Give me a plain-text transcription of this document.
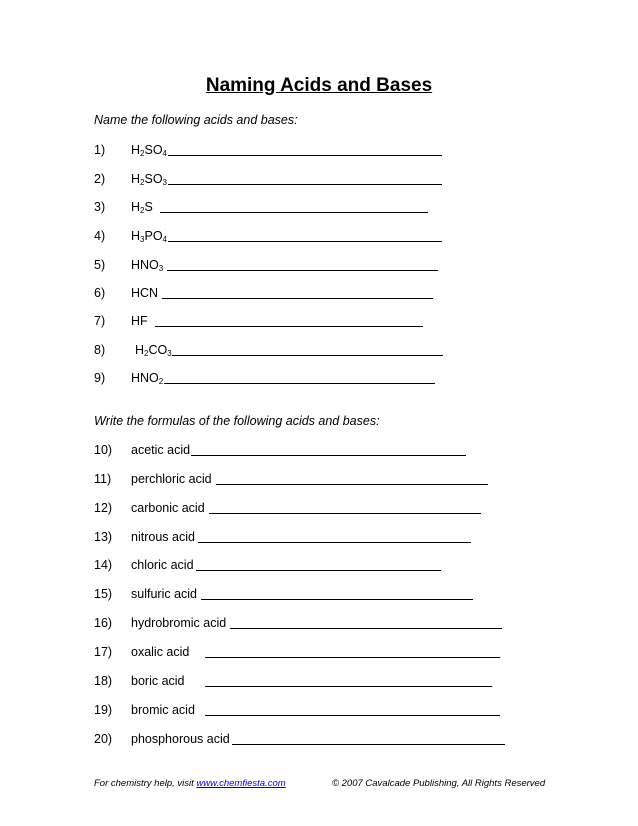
Naming Acids and Bases
Name the following acids and bases:
1) $H_2SO_4$
2) $H_2SO_3$
3) $H_2S$
4) $H_3PO_4$
5) $HNO_3$
6) HCN
7) HF
8) $H_2CO_3$
9) $HNO_2$
Write the formulas of the following acids and bases:
10) acetic acid
11) perchloric acid
12) carbonic acid
13) nitrous acid
14) chloric acid
15) sulfuric acid
16) hydrobromic acid
17) oxalic acid
18) boric acid
19) bromic acid
20) phosphorous acid
For chemistry help, visit www.chemfiesta.com	© 2007 Cavalcade Publishing, All Rights Reserved
